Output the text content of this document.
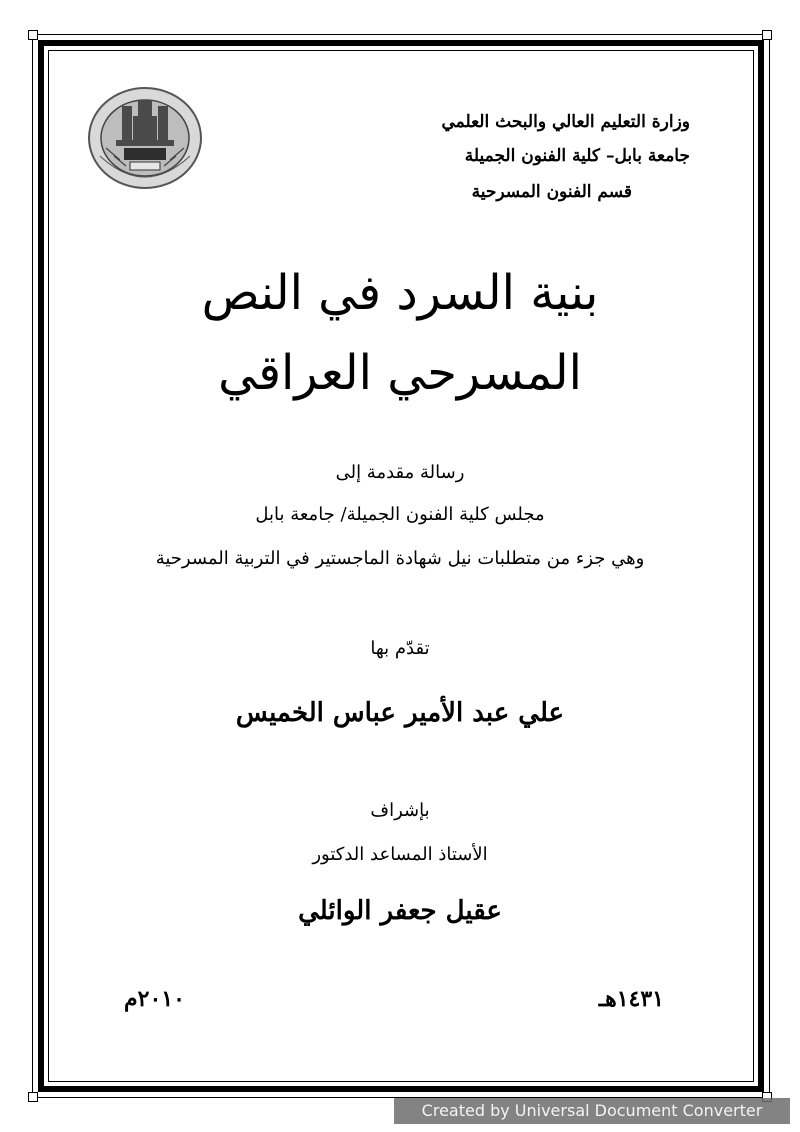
وزارة التعليم العالي والبحث العلمي
جامعة بابل– كلية الفنون الجميلة
قسم الفنون المسرحية
بنية السرد في النص
المسرحي العراقي
رسالة مقدمة إلى
مجلس كلية الفنون الجميلة/ جامعة بابل
وهي جزء من متطلبات نيل شهادة الماجستير في التربية المسرحية
تقدّم بها
علي عبد الأمير عباس الخميس
بإشراف
الأستاذ المساعد الدكتور
عقيل جعفر الوائلي
١٤٣١هـ
٢٠١٠م
Created by Universal Document Converter
